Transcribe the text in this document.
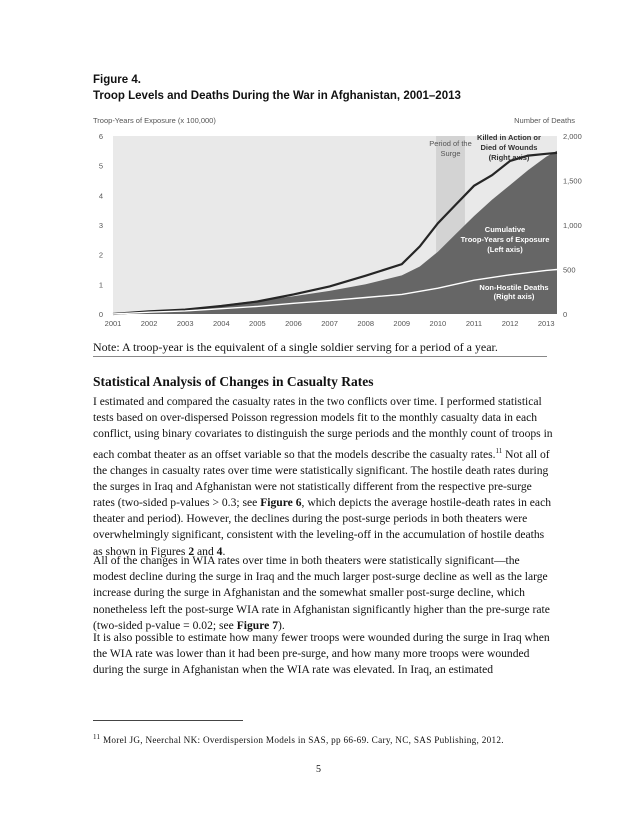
Figure 4.
Troop Levels and Deaths During the War in Afghanistan, 2001–2013
Troop-Years of Exposure (x 100,000)	Number of Deaths
2001	2002	2003	2004	2005	2006	2007	2008	2009	2010	2011	2012	2013
0
1
2
3
4
5
6
0
500
1,000
1,500
2,000
Period of the
Surge
Killed in Action or
Died of Wounds
(Right axis)
Cumulative
Troop-Years of Exposure
(Left axis)
Non-Hostile Deaths
(Right axis)
Note: A troop-year is the equivalent of a single soldier serving for a period of a year.
Statistical Analysis of Changes in Casualty Rates

I estimated and compared the casualty rates in the two conflicts over time. I performed statistical tests based on over-dispersed Poisson regression models fit to the monthly casualty data in each conflict, using binary covariates to distinguish the surge periods and the monthly count of troops in each combat theater as an offset variable so that the models describe the casualty rates.$^{11}$ Not all of the changes in casualty rates over time were statistically significant. The hostile death rates during the surges in Iraq and Afghanistan were not statistically different from the respective pre-surge rates (two-sided p-values > 0.3; see Figure 6, which depicts the average hostile-death rates in each theater and period). However, the declines during the post-surge periods in both theaters were overwhelmingly significant, consistent with the leveling-off in the accumulation of hostile deaths as shown in Figures 2 and 4.

All of the changes in WIA rates over time in both theaters were statistically significant—the modest decline during the surge in Iraq and the much larger post-surge decline as well as the large increase during the surge in Afghanistan and the somewhat smaller post-surge decline, which nonetheless left the post-surge WIA rate in Afghanistan significantly higher than the pre-surge rate (two-sided p-value = 0.02; see Figure 7).

It is also possible to estimate how many fewer troops were wounded during the surge in Iraq when the WIA rate was lower than it had been pre-surge, and how many more troops were wounded during the surge in Afghanistan when the WIA rate was elevated. In Iraq, an estimated

$^{11}$ Morel JG, Neerchal NK: Overdispersion Models in SAS, pp 66-69. Cary, NC, SAS Publishing, 2012.
5
